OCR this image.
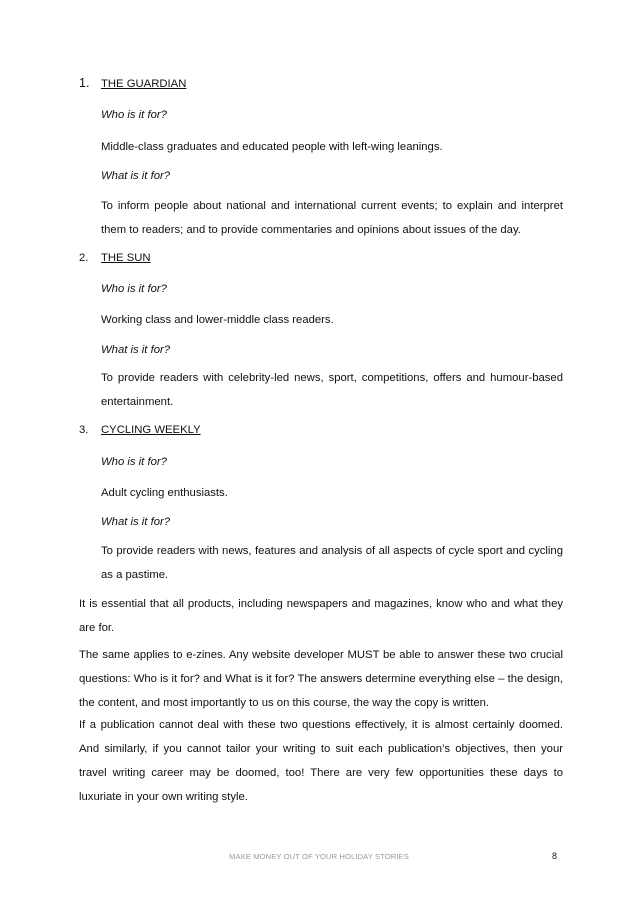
1. THE GUARDIAN
Who is it for?
Middle-class graduates and educated people with left-wing leanings.
What is it for?
To inform people about national and international current events; to explain and interpret them to readers; and to provide commentaries and opinions about issues of the day.
2. THE SUN
Who is it for?
Working class and lower-middle class readers.
What is it for?
To provide readers with celebrity-led news, sport, competitions, offers and humour-based entertainment.
3. CYCLING WEEKLY
Who is it for?
Adult cycling enthusiasts.
What is it for?
To provide readers with news, features and analysis of all aspects of cycle sport and cycling as a pastime.
It is essential that all products, including newspapers and magazines, know who and what they are for.
The same applies to e-zines. Any website developer MUST be able to answer these two crucial questions: Who is it for? and What is it for? The answers determine everything else – the design, the content, and most importantly to us on this course, the way the copy is written.
If a publication cannot deal with these two questions effectively, it is almost certainly doomed. And similarly, if you cannot tailor your writing to suit each publication’s objectives, then your travel writing career may be doomed, too! There are very few opportunities these days to luxuriate in your own writing style.
MAKE MONEY OUT OF YOUR HOLIDAY STORIES	8
